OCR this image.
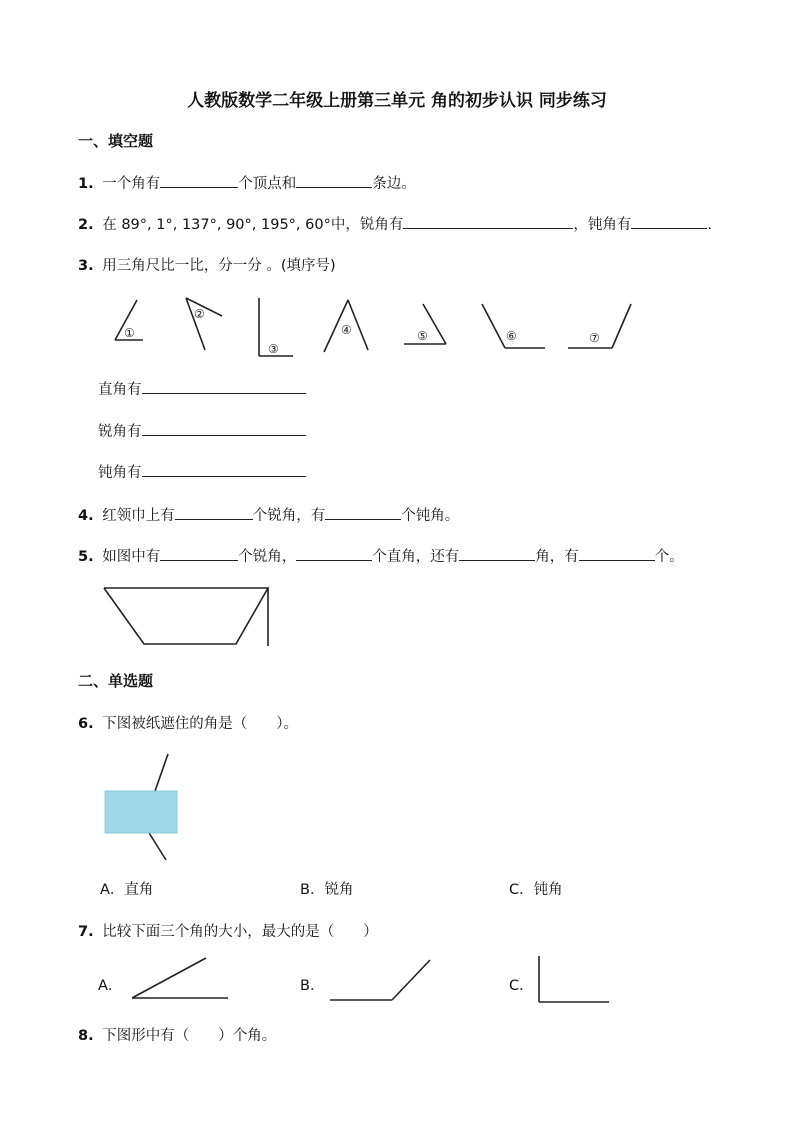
人教版数学二年级上册第三单元 角的初步认识 同步练习
一、填空题
1. 一个角有	个顶点和	条边。
2. 在 89°, 1°, 137°, 90°, 195°, 60°中，锐角有	，钝角有	.
3. 用三角尺比一比，分一分 。(填序号)
①
②
③
④	⑤	⑥	⑦
直角有
锐角有
钝角有
4. 红领巾上有	个锐角，有	个钝角。
5. 如图中有	个锐角，	个直角，还有	角，有	个。
二、单选题
6. 下图被纸遮住的角是（　　）。
A．直角	B．锐角	C．钝角
7. 比较下面三个角的大小，最大的是（　　）
A．	B．	C．
8. 下图形中有（　　）个角。
